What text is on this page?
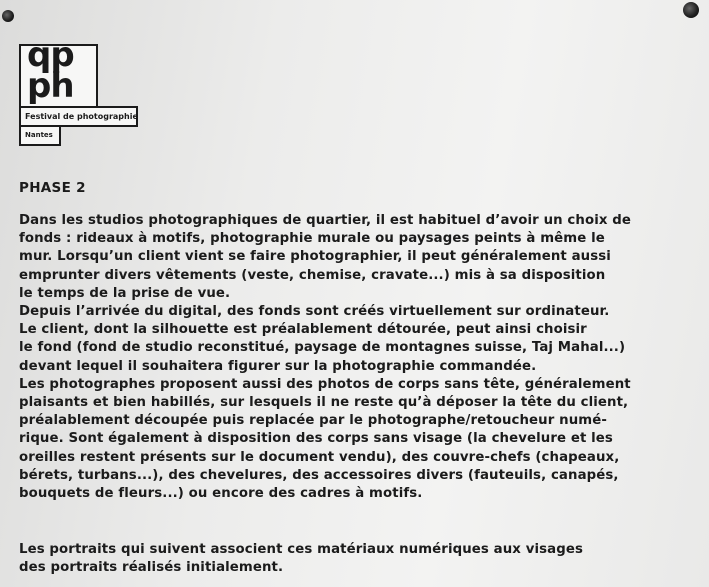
qp
ph
Festival de photographie
Nantes
PHASE 2
Dans les studios photographiques de quartier, il est habituel d’avoir un choix de
fonds : rideaux à motifs, photographie murale ou paysages peints à même le
mur. Lorsqu’un client vient se faire photographier, il peut généralement aussi
emprunter divers vêtements (veste, chemise, cravate...) mis à sa disposition
le temps de la prise de vue.
Depuis l’arrivée du digital, des fonds sont créés virtuellement sur ordinateur.
Le client, dont la silhouette est préalablement détourée, peut ainsi choisir
le fond (fond de studio reconstitué, paysage de montagnes suisse, Taj Mahal...)
devant lequel il souhaitera figurer sur la photographie commandée.
Les photographes proposent aussi des photos de corps sans tête, généralement
plaisants et bien habillés, sur lesquels il ne reste qu’à déposer la tête du client,
préalablement découpée puis replacée par le photographe/retoucheur numé-
rique. Sont également à disposition des corps sans visage (la chevelure et les
oreilles restent présents sur le document vendu), des couvre-chefs (chapeaux,
bérets, turbans...), des chevelures, des accessoires divers (fauteuils, canapés,
bouquets de fleurs...) ou encore des cadres à motifs.
Les portraits qui suivent associent ces matériaux numériques aux visages
des portraits réalisés initialement.
